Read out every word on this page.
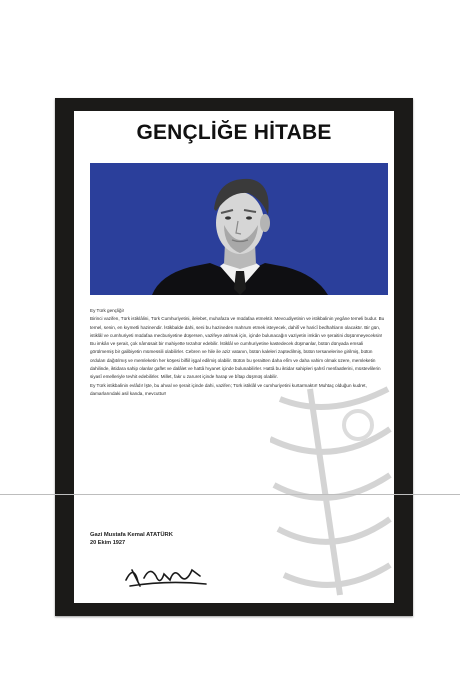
GENÇLİĞE HİTABE

Ey Türk gençliği!

Birinci vazifen, Türk istiklâlini, Türk Cumhuriyetini, ilelebet, muhafaza ve müdafaa etmektir. Mevcudiyetinin ve istikbalinin yegâne temeli budur. Bu temel, senin, en kıymetli hazinendir. İstikbalde dahi, seni bu hazineden mahrum etmek isteyecek, dahilî ve haricî bedhahların olacaktır. Bir gün, istiklâl ve cumhuriyeti müdafaa mecburiyetine düşersen, vazifeye atılmak için, içinde bulunacağın vaziyetin imkân ve şeraitini düşünmeyeceksin! Bu imkân ve şerait, çok nâmüsait bir mahiyette tezahür edebilir. İstiklâl ve cumhuriyetine kastedecek düşmanlar, bütün dünyada emsali görülmemiş bir galibiyetin mümessili olabilirler. Cebren ve hile ile aziz vatanın, bütün kaleleri zaptedilmiş, bütün tersanelerine girilmiş, bütün orduları dağıtılmış ve memleketin her köşesi bilfiil işgal edilmiş olabilir. Bütün bu şeraitten daha elîm ve daha vahim olmak üzere, memleketin dahilinde, iktidara sahip olanlar gaflet ve dalâlet ve hattâ hıyanet içinde bulunabilirler. Hattâ bu iktidar sahipleri şahsî menfaatlerini, müstevlilerin siyasî emelleriyle tevhit edebilirler. Millet, fakr u zaruret içinde harap ve bîtap düşmüş olabilir.

Ey Türk istikbalinin evlâdı! İşte, bu ahval ve şerait içinde dahi, vazifen; Türk istiklâl ve cumhuriyetini kurtarmaktır! Muhtaç olduğun kudret, damarlarındaki asil kanda, mevcuttur!

Gazi Mustafa Kemal ATATÜRK
20 Ekim 1927
